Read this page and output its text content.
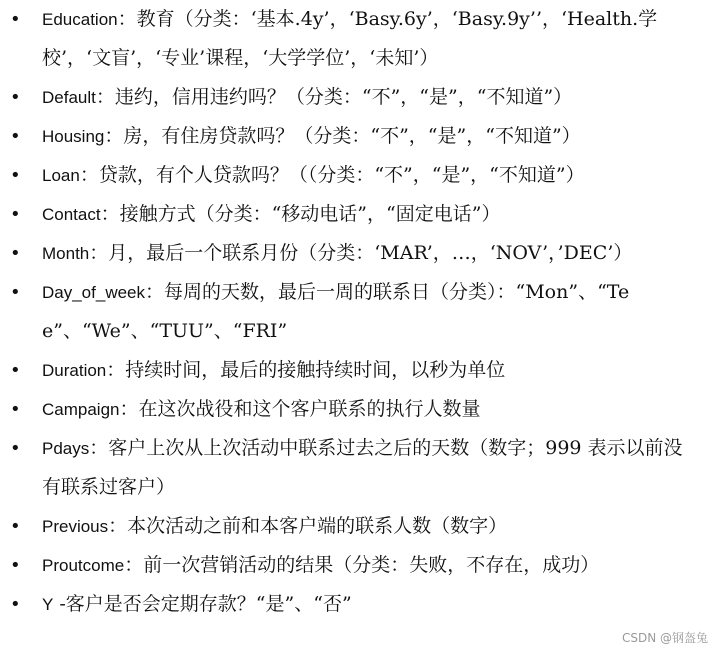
• Education：教育（分类：‘基本.4y’，‘Basy.6y’，‘Basy.9y’’，‘Health.学校’，‘文盲’，‘专业’课程，‘大学学位’，‘未知’）
• Default：违约，信用违约吗？（分类：“不”，“是”，“不知道”）
• Housing：房，有住房贷款吗？（分类：“不”，“是”，“不知道”）
• Loan：贷款，有个人贷款吗？（（分类：“不”，“是”，“不知道”）
• Contact：接触方式（分类：“移动电话”，“固定电话”）
• Month：月，最后一个联系月份（分类：‘MAR’，…，‘NOV’，’DEC’）
• Day_of_week：每周的天数，最后一周的联系日（分类）：“Mon”、“Tee”、“We”、“TUU”、“FRI”
• Duration：持续时间，最后的接触持续时间，以秒为单位
• Campaign：在这次战役和这个客户联系的执行人数量
• Pdays：客户上次从上次活动中联系过去之后的天数（数字；999 表示以前没有联系过客户）
• Previous：本次活动之前和本客户端的联系人数（数字）
• Proutcome：前一次营销活动的结果（分类：失败，不存在，成功）
• Y -客户是否会定期存款？“是”、“否”
CSDN @钢盔兔
